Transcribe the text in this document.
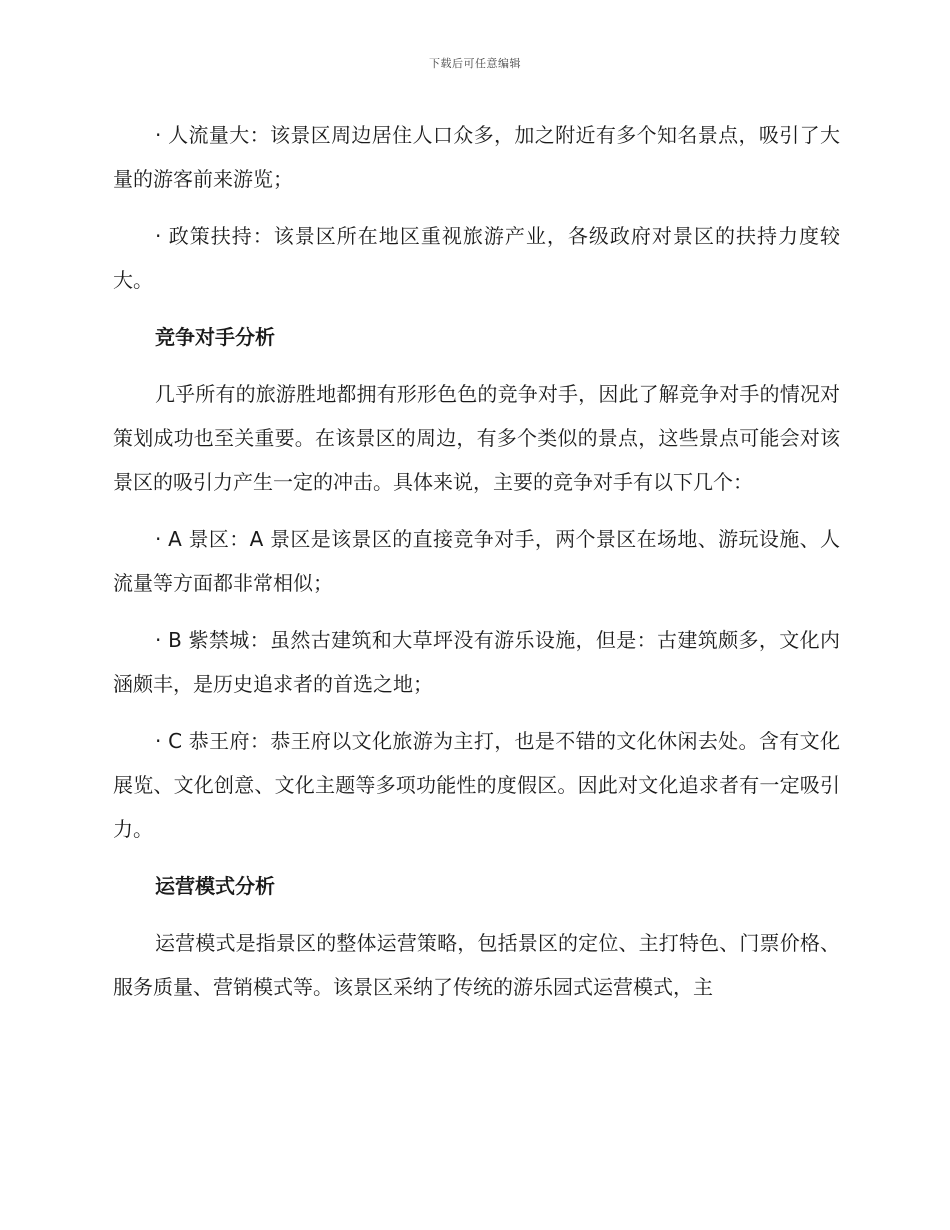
下载后可任意编辑

· 人流量大：该景区周边居住人口众多，加之附近有多个知名景点，吸引了大量的游客前来游览；

· 政策扶持：该景区所在地区重视旅游产业，各级政府对景区的扶持力度较大。

竞争对手分析

几乎所有的旅游胜地都拥有形形色色的竞争对手，因此了解竞争对手的情况对策划成功也至关重要。在该景区的周边，有多个类似的景点，这些景点可能会对该景区的吸引力产生一定的冲击。具体来说，主要的竞争对手有以下几个：

· A 景区：A 景区是该景区的直接竞争对手，两个景区在场地、游玩设施、人流量等方面都非常相似；

· B 紫禁城：虽然古建筑和大草坪没有游乐设施，但是：古建筑颇多，文化内涵颇丰，是历史追求者的首选之地；

· C 恭王府：恭王府以文化旅游为主打，也是不错的文化休闲去处。含有文化展览、文化创意、文化主题等多项功能性的度假区。因此对文化追求者有一定吸引力。

运营模式分析

运营模式是指景区的整体运营策略，包括景区的定位、主打特色、门票价格、服务质量、营销模式等。该景区采纳了传统的游乐园式运营模式，主
